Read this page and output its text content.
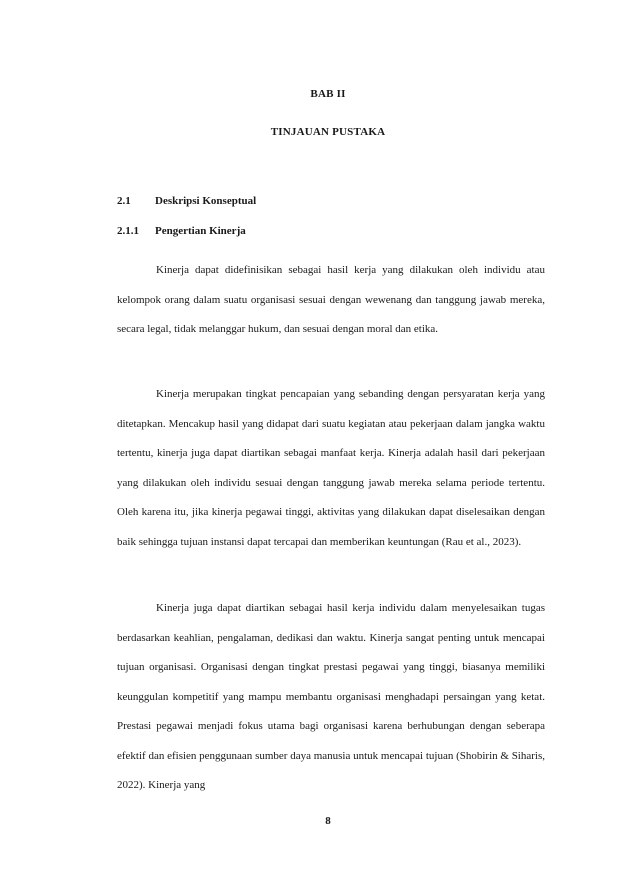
BAB II
TINJAUAN PUSTAKA
2.1 Deskripsi Konseptual
2.1.1 Pengertian Kinerja

Kinerja dapat didefinisikan sebagai hasil kerja yang dilakukan oleh individu atau kelompok orang dalam suatu organisasi sesuai dengan wewenang dan tanggung jawab mereka, secara legal, tidak melanggar hukum, dan sesuai dengan moral dan etika.

Kinerja merupakan tingkat pencapaian yang sebanding dengan persyaratan kerja yang ditetapkan. Mencakup hasil yang didapat dari suatu kegiatan atau pekerjaan dalam jangka waktu tertentu, kinerja juga dapat diartikan sebagai manfaat kerja. Kinerja adalah hasil dari pekerjaan yang dilakukan oleh individu sesuai dengan tanggung jawab mereka selama periode tertentu. Oleh karena itu, jika kinerja pegawai tinggi, aktivitas yang dilakukan dapat diselesaikan dengan baik sehingga tujuan instansi dapat tercapai dan memberikan keuntungan (Rau et al., 2023).

Kinerja juga dapat diartikan sebagai hasil kerja individu dalam menyelesaikan tugas berdasarkan keahlian, pengalaman, dedikasi dan waktu. Kinerja sangat penting untuk mencapai tujuan organisasi. Organisasi dengan tingkat prestasi pegawai yang tinggi, biasanya memiliki keunggulan kompetitif yang mampu membantu organisasi menghadapi persaingan yang ketat. Prestasi pegawai menjadi fokus utama bagi organisasi karena berhubungan dengan seberapa efektif dan efisien penggunaan sumber daya manusia untuk mencapai tujuan (Shobirin & Siharis, 2022). Kinerja yang

8
